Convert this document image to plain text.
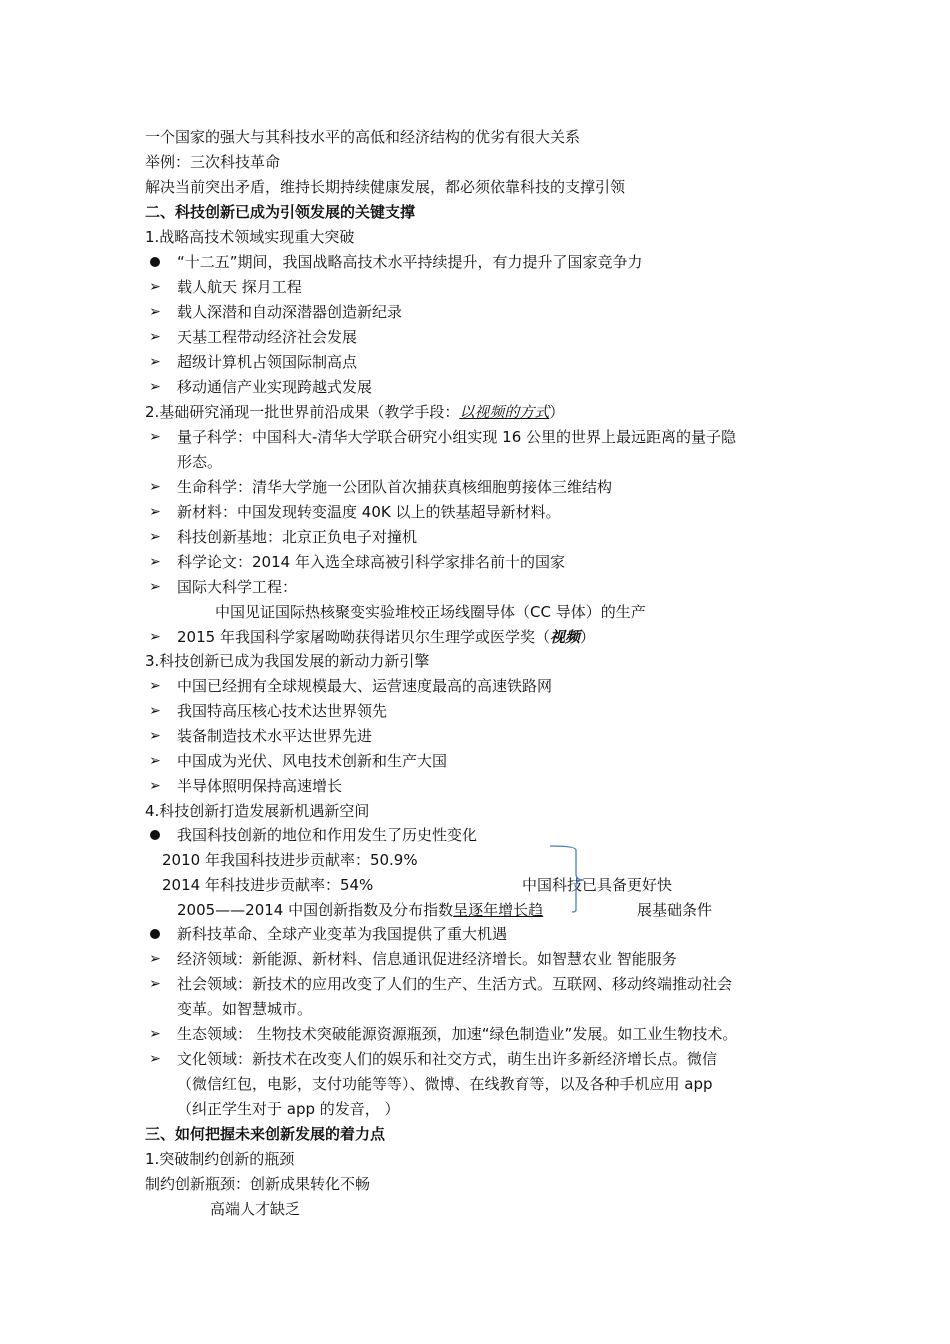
一个国家的强大与其科技水平的高低和经济结构的优劣有很大关系
举例：三次科技革命
解决当前突出矛盾，维持长期持续健康发展，都必须依靠科技的支撑引领
二、科技创新已成为引领发展的关键支撑
1.战略高技术领域实现重大突破
“十二五”期间，我国战略高技术水平持续提升，有力提升了国家竞争力
➢ 载人航天 探月工程
➢ 载人深潜和自动深潜器创造新纪录
➢ 天基工程带动经济社会发展
➢ 超级计算机占领国际制高点
➢ 移动通信产业实现跨越式发展
2.基础研究涌现一批世界前沿成果（教学手段：以视频的方式）
➢ 量子科学：中国科大-清华大学联合研究小组实现 16 公里的世界上最远距离的量子隐
形态。
➢ 生命科学：清华大学施一公团队首次捕获真核细胞剪接体三维结构
➢ 新材料：中国发现转变温度 40K 以上的铁基超导新材料。
➢ 科技创新基地：北京正负电子对撞机
➢ 科学论文：2014 年入选全球高被引科学家排名前十的国家
➢ 国际大科学工程：
中国见证国际热核聚变实验堆校正场线圈导体（CC 导体）的生产
➢ 2015 年我国科学家屠呦呦获得诺贝尔生理学或医学奖（视频）
3.科技创新已成为我国发展的新动力新引擎
➢ 中国已经拥有全球规模最大、运营速度最高的高速铁路网
➢ 我国特高压核心技术达世界领先
➢ 装备制造技术水平达世界先进
➢ 中国成为光伏、风电技术创新和生产大国
➢ 半导体照明保持高速增长
4.科技创新打造发展新机遇新空间
我国科技创新的地位和作用发生了历史性变化
2010 年我国科技进步贡献率：50.9%
2014 年科技进步贡献率：54%	中国科技已具备更好快
2005——2014 中国创新指数及分布指数呈逐年增长趋	展基础条件
新科技革命、全球产业变革为我国提供了重大机遇
➢ 经济领域：新能源、新材料、信息通讯促进经济增长。如智慧农业 智能服务
➢ 社会领域：新技术的应用改变了人们的生产、生活方式。互联网、移动终端推动社会
变革。如智慧城市。
➢ 生态领域： 生物技术突破能源资源瓶颈，加速“绿色制造业”发展。如工业生物技术。
➢ 文化领域：新技术在改变人们的娱乐和社交方式，萌生出许多新经济增长点。微信
（微信红包，电影，支付功能等等）、微博、在线教育等，以及各种手机应用 app
（纠正学生对于 app 的发音， ）
三、如何把握未来创新发展的着力点
1.突破制约创新的瓶颈
制约创新瓶颈：创新成果转化不畅
高端人才缺乏
